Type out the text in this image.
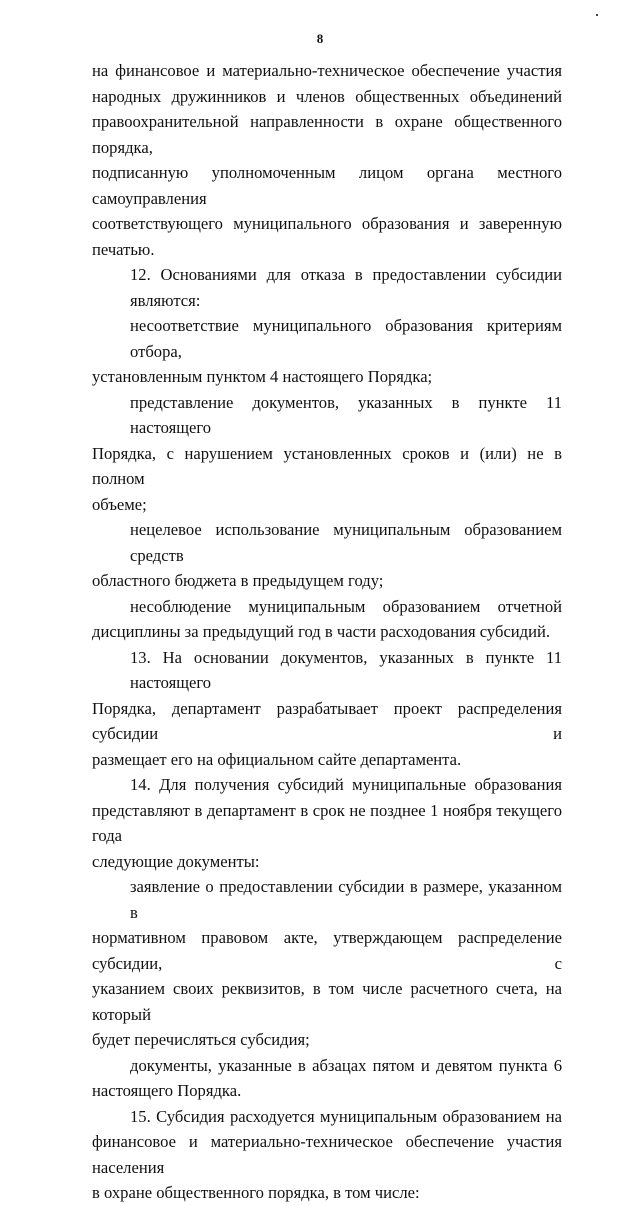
8
на финансовое и материально-техническое обеспечение участия
народных дружинников и членов общественных объединений
правоохранительной направленности в охране общественного порядка,
подписанную уполномоченным лицом органа местного самоуправления
соответствующего муниципального образования и заверенную печатью.
12. Основаниями для отказа в предоставлении субсидии являются:
несоответствие муниципального образования критериям отбора,
установленным пунктом 4 настоящего Порядка;
представление документов, указанных в пункте 11 настоящего
Порядка, с нарушением установленных сроков и (или) не в полном
объеме;
нецелевое использование муниципальным образованием средств
областного бюджета в предыдущем году;
несоблюдение муниципальным образованием отчетной
дисциплины за предыдущий год в части расходования субсидий.
13. На основании документов, указанных в пункте 11 настоящего
Порядка, департамент разрабатывает проект распределения субсидии и
размещает его на официальном сайте департамента.
14. Для получения субсидий муниципальные образования
представляют в департамент в срок не позднее 1 ноября текущего года
следующие документы:
заявление о предоставлении субсидии в размере, указанном в
нормативном правовом акте, утверждающем распределение субсидии, с
указанием своих реквизитов, в том числе расчетного счета, на который
будет перечисляться субсидия;
документы, указанные в абзацах пятом и девятом пункта 6
настоящего Порядка.
15. Субсидия расходуется муниципальным образованием на
финансовое и материально-техническое обеспечение участия населения
в охране общественного порядка, в том числе:
